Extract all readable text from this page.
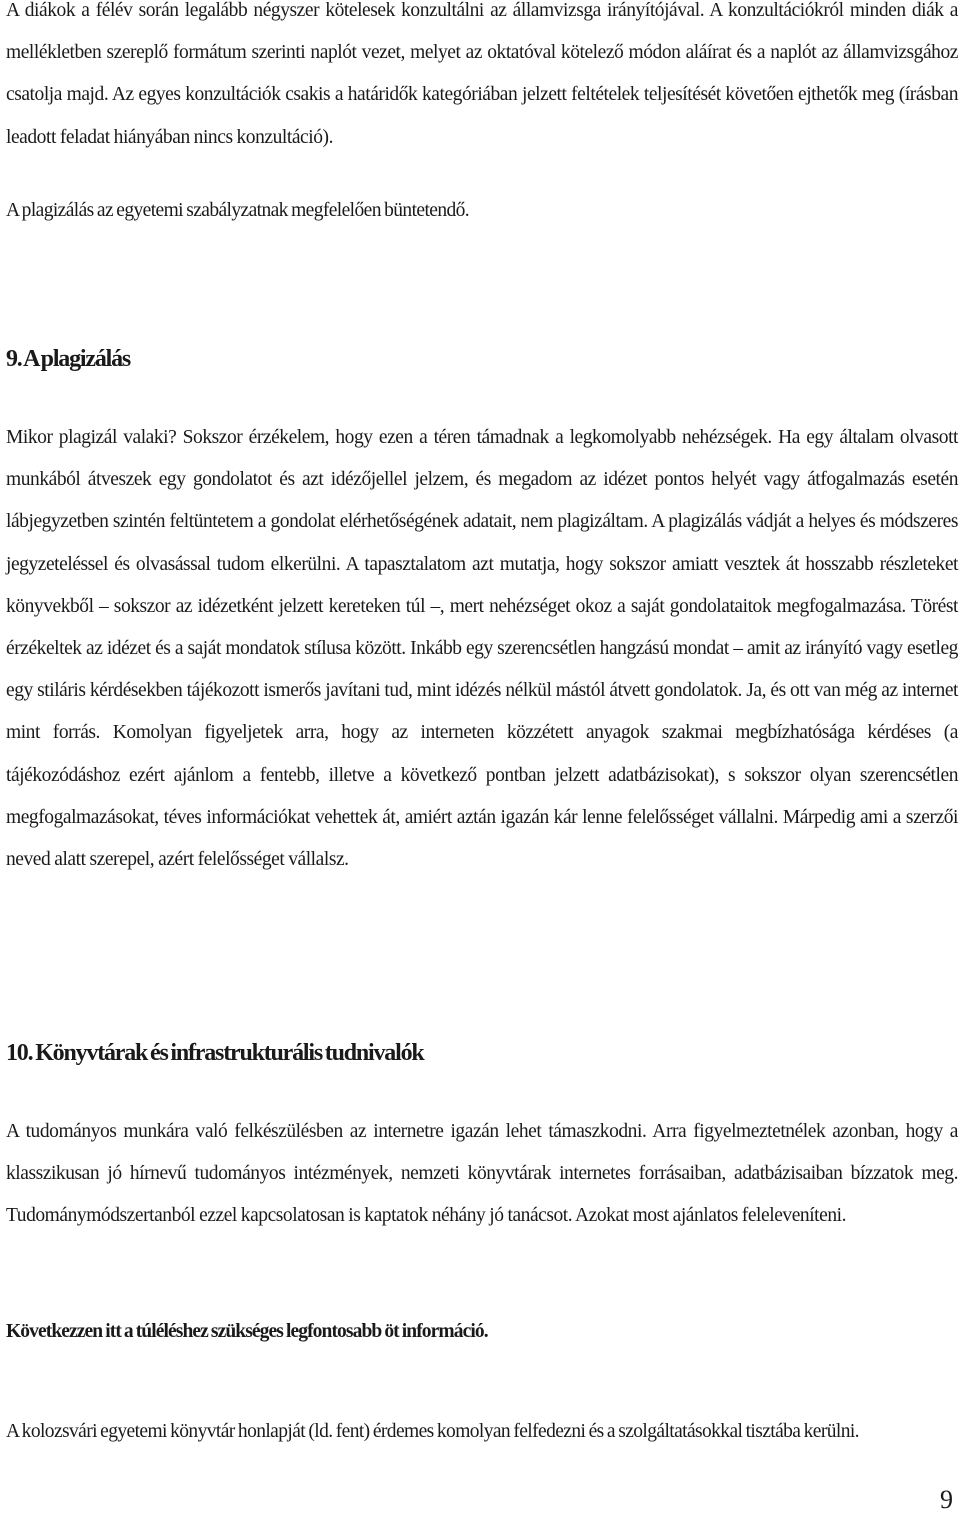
A diákok a félév során legalább négyszer kötelesek konzultálni az államvizsga irányítójával. A konzultációkról minden diák a mellékletben szereplő formátum szerinti naplót vezet, melyet az oktatóval kötelező módon aláírat és a naplót az államvizsgához csatolja majd. Az egyes konzultációk csakis a határidők kategóriában jelzett feltételek teljesítését követően ejthetők meg (írásban leadott feladat hiányában nincs konzultáció).

A plagizálás az egyetemi szabályzatnak megfelelően büntetendő.

9. A plagizálás

Mikor plagizál valaki? Sokszor érzékelem, hogy ezen a téren támadnak a legkomolyabb nehézségek. Ha egy általam olvasott munkából átveszek egy gondolatot és azt idézőjellel jelzem, és megadom az idézet pontos helyét vagy átfogalmazás esetén lábjegyzetben szintén feltüntetem a gondolat elérhetőségének adatait, nem plagizáltam. A plagizálás vádját a helyes és módszeres jegyzeteléssel és olvasással tudom elkerülni. A tapasztalatom azt mutatja, hogy sokszor amiatt vesztek át hosszabb részleteket könyvekből – sokszor az idézetként jelzett kereteken túl –, mert nehézséget okoz a saját gondolataitok megfogalmazása. Törést érzékeltek az idézet és a saját mondatok stílusa között. Inkább egy szerencsétlen hangzású mondat – amit az irányító vagy esetleg egy stiláris kérdésekben tájékozott ismerős javítani tud, mint idézés nélkül mástól átvett gondolatok. Ja, és ott van még az internet mint forrás. Komolyan figyeljetek arra, hogy az interneten közzétett anyagok szakmai megbízhatósága kérdéses (a tájékozódáshoz ezért ajánlom a fentebb, illetve a következő pontban jelzett adatbázisokat), s sokszor olyan szerencsétlen megfogalmazásokat, téves információkat vehettek át, amiért aztán igazán kár lenne felelősséget vállalni. Márpedig ami a szerzői neved alatt szerepel, azért felelősséget vállalsz.

10. Könyvtárak és infrastrukturális tudnivalók

A tudományos munkára való felkészülésben az internetre igazán lehet támaszkodni. Arra figyelmeztetnélek azonban, hogy a klasszikusan jó hírnevű tudományos intézmények, nemzeti könyvtárak internetes forrásaiban, adatbázisaiban bízzatok meg. Tudománymódszertanból ezzel kapcsolatosan is kaptatok néhány jó tanácsot. Azokat most ajánlatos feleleveníteni.

Következzen itt a túléléshez szükséges legfontosabb öt információ.

A kolozsvári egyetemi könyvtár honlapját (ld. fent) érdemes komolyan felfedezni és a szolgáltatásokkal tisztába kerülni.

9
